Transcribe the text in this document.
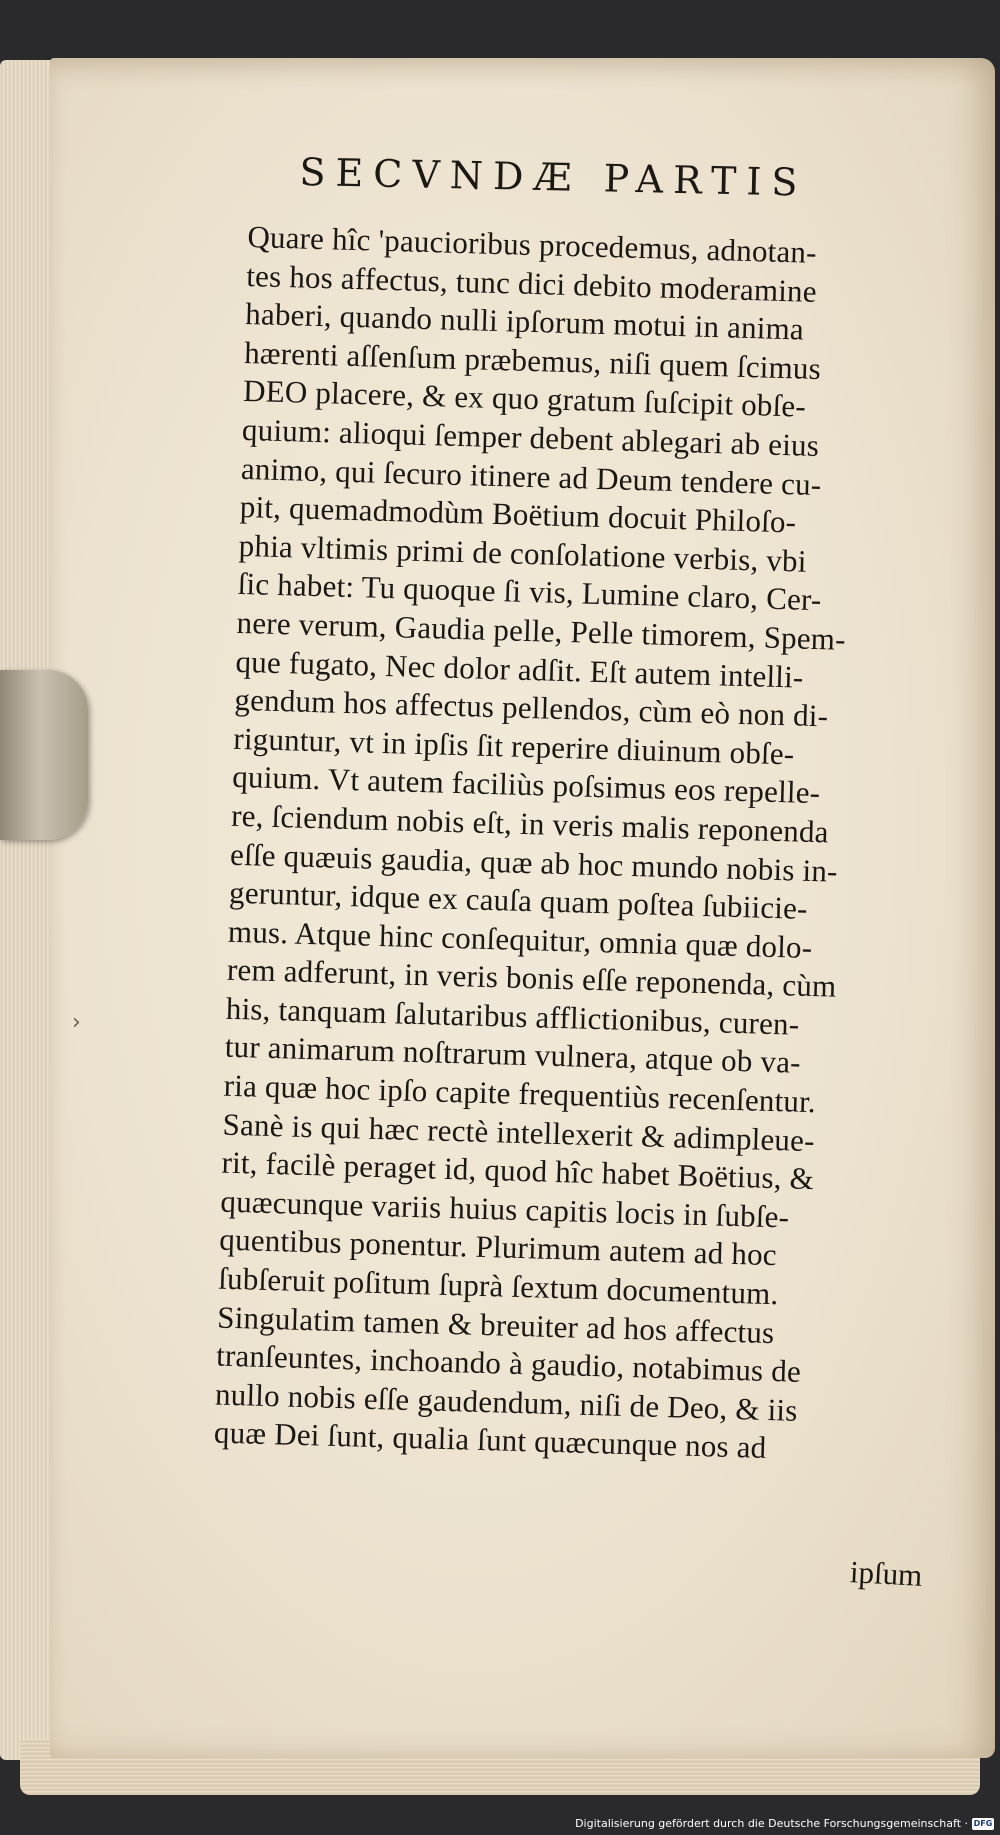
›
SECVNDÆ PARTIS
Quare hîc 'paucioribus procedemus, adnotan-
tes hos affectus, tunc dici debito moderamine
haberi, quando nulli ipſorum motui in anima
hærenti aſſenſum præbemus, niſi quem ſcimus
DEO placere, & ex quo gratum ſuſcipit obſe-
quium: alioqui ſemper debent ablegari ab eius
animo, qui ſecuro itinere ad Deum tendere cu-
pit, quemadmodùm Boëtium docuit Philoſo-
phia vltimis primi de conſolatione verbis, vbi
ſic habet: Tu quoque ſi vis, Lumine claro, Cer-
nere verum, Gaudia pelle, Pelle timorem, Spem-
que fugato, Nec dolor adſit. Eſt autem intelli-
gendum hos affectus pellendos, cùm eò non di-
riguntur, vt in ipſis ſit reperire diuinum obſe-
quium. Vt autem faciliùs poſsimus eos repelle-
re, ſciendum nobis eſt, in veris malis reponenda
eſſe quæuis gaudia, quæ ab hoc mundo nobis in-
geruntur, idque ex cauſa quam poſtea ſubiicie-
mus. Atque hinc conſequitur, omnia quæ dolo-
rem adferunt, in veris bonis eſſe reponenda, cùm
his, tanquam ſalutaribus afflictionibus, curen-
tur animarum noſtrarum vulnera, atque ob va-
ria quæ hoc ipſo capite frequentiùs recenſentur.
Sanè is qui hæc rectè intellexerit & adimpleue-
rit, facilè peraget id, quod hîc habet Boëtius, &
quæcunque variis huius capitis locis in ſubſe-
quentibus ponentur. Plurimum autem ad hoc
ſubſeruit poſitum ſuprà ſextum documentum.
Singulatim tamen & breuiter ad hos affectus
tranſeuntes, inchoando à gaudio, notabimus de
nullo nobis eſſe gaudendum, niſi de Deo, & iis
quæ Dei ſunt, qualia ſunt quæcunque nos ad
ipſum
Digitalisierung gefördert durch die Deutsche Forschungsgemeinschaft · DFG
